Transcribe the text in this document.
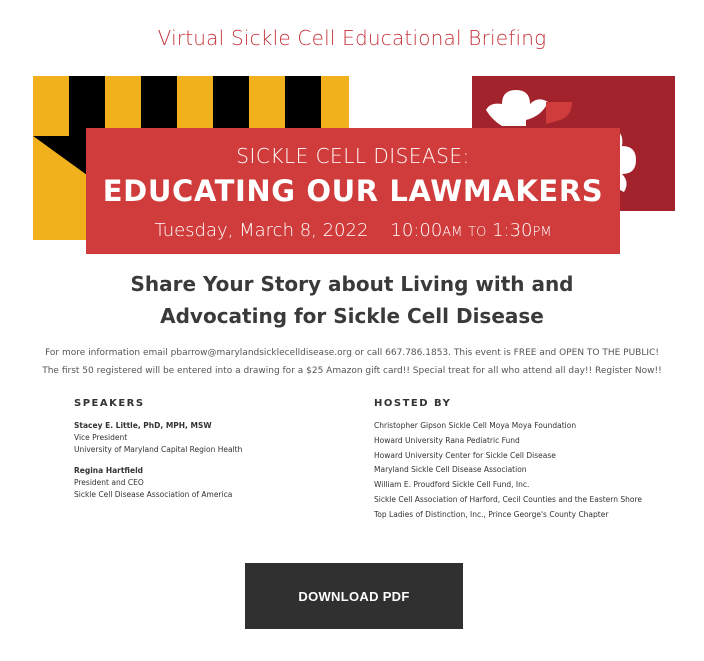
Virtual Sickle Cell Educational Briefing
SICKLE CELL DISEASE:
EDUCATING OUR LAWMAKERS
Tuesday, March 8, 2022 10:00AM TO 1:30PM
Share Your Story about Living with and
Advocating for Sickle Cell Disease
For more information email pbarrow@marylandsicklecelldisease.org or call 667.786.1853. This event is FREE and OPEN TO THE PUBLIC!
The first 50 registered will be entered into a drawing for a $25 Amazon gift card!! Special treat for all who attend all day!! Register Now!!
SPEAKERS
Stacey E. Little, PhD, MPH, MSW
Vice President
University of Maryland Capital Region Health
Regina Hartfield
President and CEO
Sickle Cell Disease Association of America
HOSTED BY
Christopher Gipson Sickle Cell Moya Moya Foundation
Howard University Rana Pediatric Fund
Howard University Center for Sickle Cell Disease
Maryland Sickle Cell Disease Association
William E. Proudford Sickle Cell Fund, Inc.
Sickle Cell Association of Harford, Cecil Counties and the Eastern Shore
Top Ladies of Distinction, Inc., Prince George's County Chapter
DOWNLOAD PDF
